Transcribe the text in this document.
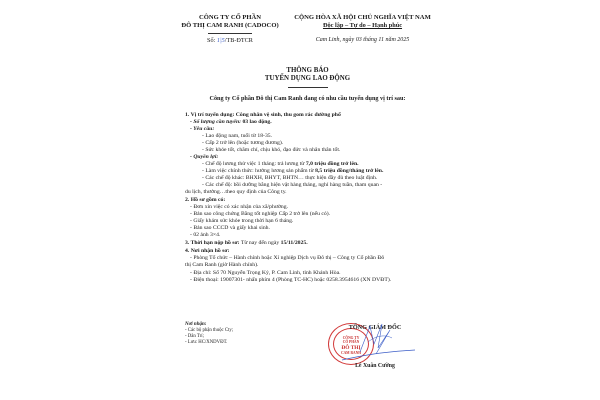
CÔNG TY CỔ PHẦN
ĐÔ THỊ CAM RANH (CADOCO)
Số: 1|5/TB-ĐTCR
CỘNG HÒA XÃ HỘI CHỦ NGHĨA VIỆT NAM
Độc lập – Tự do – Hạnh phúc
Cam Linh, ngày 03 tháng 11 năm 2025
THÔNG BÁO
TUYỂN DỤNG LAO ĐỘNG
Công ty Cổ phần Đô thị Cam Ranh đang có nhu cầu tuyển dụng vị trí sau:
1. Vị trí tuyển dụng: Công nhân vệ sinh, thu gom rác đường phố
- Số lượng cần tuyển: 03 lao động.
- Yêu cầu:
- Lao động nam, tuổi từ 18-35.
- Cấp 2 trở lên (hoặc tương đương).
- Sức khỏe tốt, chăm chỉ, chịu khó, đạo đức và nhân thân tốt.
- Quyền lợi:
- Chế độ lương thử việc 1 tháng: trả lương từ 7,0 triệu đồng trở lên.
- Làm việc chính thức: hưởng lương sản phẩm từ 8,5 triệu đồng/tháng trở lên.
- Các chế độ khác: BHXH, BHYT, BHTN… thực hiện đầy đủ theo luật định.
- Các chế độ: bồi dưỡng bằng hiện vật hàng tháng, nghỉ hàng tuần, tham quan -
du lịch, thưởng…theo quy định của Công ty.
2. Hồ sơ gồm có:
- Đơn xin việc có xác nhận của xã/phường.
- Bản sao công chứng Bằng tốt nghiệp Cấp 2 trở lên (nếu có).
- Giấy khám sức khỏe trong thời hạn 6 tháng.
- Bản sao CCCD và giấy khai sinh.
- 02 ảnh 3×4.
3. Thời hạn nộp hồ sơ: Từ nay đến ngày 15/11/2025.
4. Nơi nhận hồ sơ:
- Phòng Tổ chức – Hành chính hoặc Xí nghiệp Dịch vụ Đô thị – Công ty Cổ phần Đô
thị Cam Ranh (giờ Hành chính).
- Địa chỉ: Số 70 Nguyễn Trọng Kỷ, P. Cam Linh, tỉnh Khánh Hòa.
- Điện thoại: 19007301- nhấn phím 4 (Phòng TC-HC) hoặc 0258.3954616 (XN DVĐT).
Nơi nhận:
- Các bộ phận thuộc Cty;
- Dân Trí;
- Lưu: HC/XNDVĐT.
CÔNG TY
CỔ PHẦN
ĐÔ THỊ
CAM RANH
TỔNG GIÁM ĐỐC
Lê Xuân Cường
